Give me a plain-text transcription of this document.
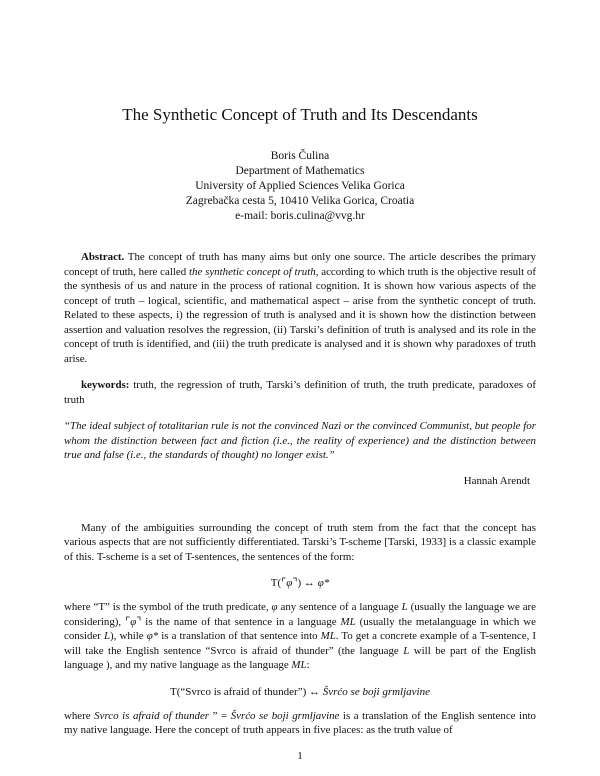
The Synthetic Concept of Truth and Its Descendants
Boris Čulina
Department of Mathematics
University of Applied Sciences Velika Gorica
Zagrebačka cesta 5, 10410 Velika Gorica, Croatia
e-mail: boris.culina@vvg.hr

Abstract. The concept of truth has many aims but only one source. The article describes the primary concept of truth, here called the synthetic concept of truth, according to which truth is the objective result of the synthesis of us and nature in the process of rational cognition. It is shown how various aspects of the concept of truth – logical, scientific, and mathematical aspect – arise from the synthetic concept of truth. Related to these aspects, i) the regression of truth is analysed and it is shown how the distinction between assertion and valuation resolves the regression, (ii) Tarski’s definition of truth is analysed and its role in the concept of truth is identified, and (iii) the truth predicate is analysed and it is shown why paradoxes of truth arise.

keywords: truth, the regression of truth, Tarski’s definition of truth, the truth predicate, paradoxes of truth

“The ideal subject of totalitarian rule is not the convinced Nazi or the convinced Communist, but people for whom the distinction between fact and fiction (i.e., the reality of experience) and the distinction between true and false (i.e., the standards of thought) no longer exist.”

Hannah Arendt

Many of the ambiguities surrounding the concept of truth stem from the fact that the concept has various aspects that are not sufficiently differentiated. Tarski’s T-scheme [Tarski, 1933] is a classic example of this. T-scheme is a set of T-sentences, the sentences of the form:

T(⌜φ⌝) ↔ φ*

where “T” is the symbol of the truth predicate, φ any sentence of a language L (usually the language we are considering), ⌜φ⌝ is the name of that sentence in a language ML (usually the metalanguage in which we consider L), while φ* is a translation of that sentence into ML. To get a concrete example of a T-sentence, I will take the English sentence “Svrco is afraid of thunder” (the language L will be part of the English language ), and my native language as the language ML:

T(“Svrco is afraid of thunder”) ↔ Švrćo se boji grmljavine

where Svrco is afraid of thunder ” = Švrćo se boji grmljavine is a translation of the English sentence into my native language. Here the concept of truth appears in five places: as the truth value of

1
